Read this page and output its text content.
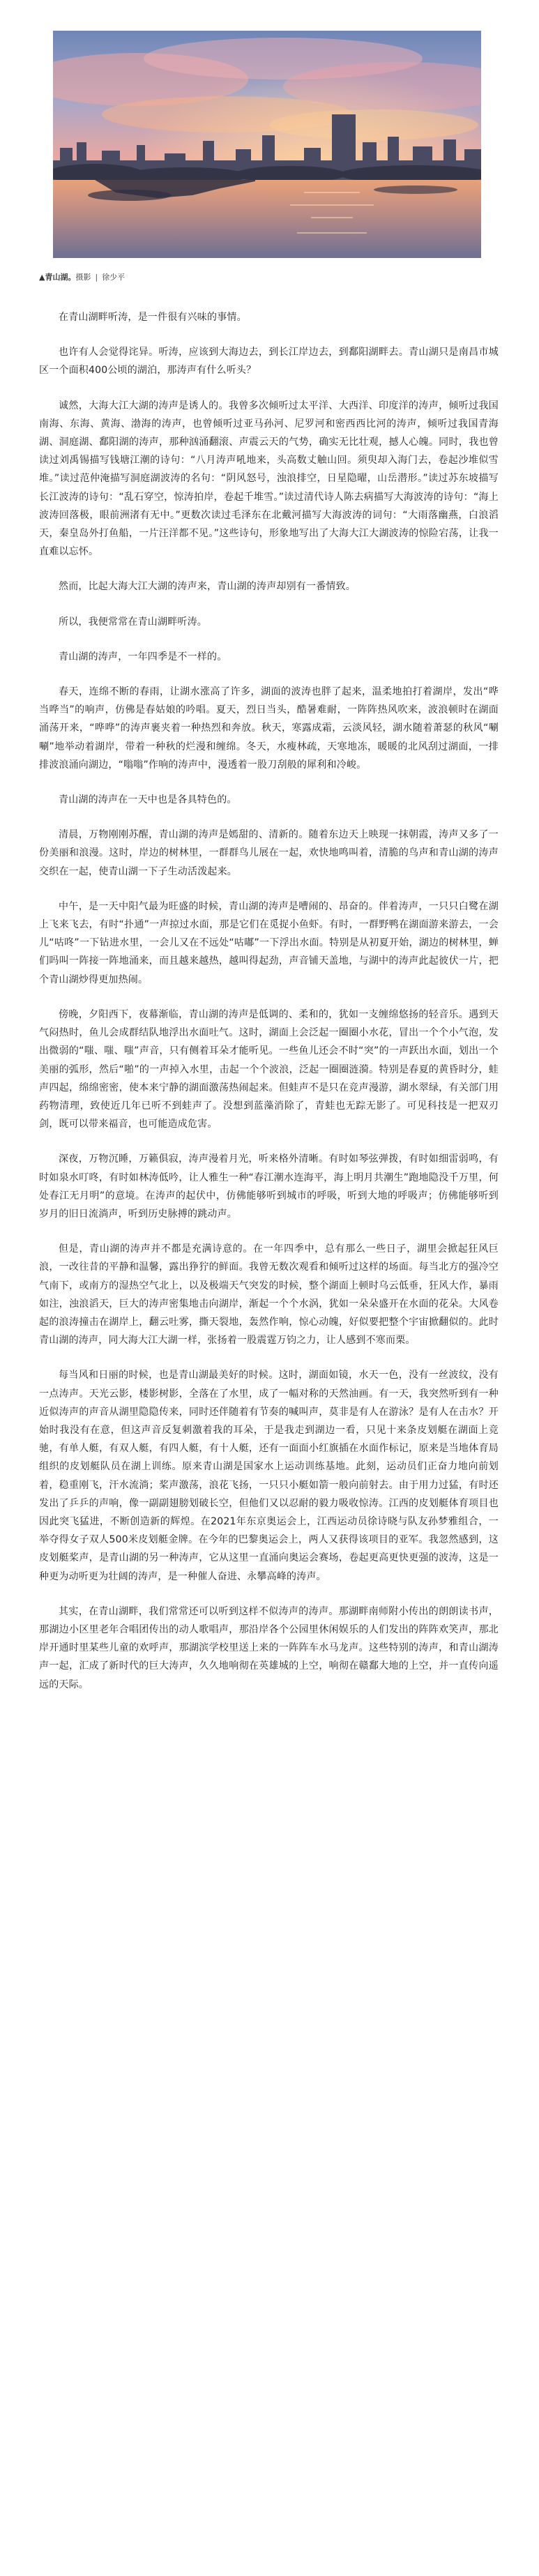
▲青山湖。摄影 | 徐少平

在青山湖畔听涛，是一件很有兴味的事情。

也许有人会觉得诧异。听涛，应该到大海边去，到长江岸边去，到鄱阳湖畔去。青山湖只是南昌市城区一个面积400公顷的湖泊，那涛声有什么听头？

诚然，大海大江大湖的涛声是诱人的。我曾多次倾听过太平洋、大西洋、印度洋的涛声，倾听过我国南海、东海、黄海、渤海的涛声，也曾倾听过亚马孙河、尼罗河和密西西比河的涛声，倾听过我国青海湖、洞庭湖、鄱阳湖的涛声，那种汹涌翻滚、声震云天的气势，确实无比壮观，撼人心魄。同时，我也曾读过刘禹锡描写钱塘江潮的诗句：“八月涛声吼地来，头高数丈触山回。须臾却入海门去，卷起沙堆似雪堆。”读过范仲淹描写洞庭湖波涛的名句：“阴风怒号，浊浪排空，日星隐曜，山岳潜形。”读过苏东坡描写长江波涛的诗句：“乱石穿空，惊涛拍岸，卷起千堆雪。”读过清代诗人陈去病描写大海波涛的诗句：“海上波涛回落极，眼前洲渚有无中。”更数次读过毛泽东在北戴河描写大海波涛的词句：“大雨落幽燕，白浪滔天，秦皇岛外打鱼船，一片汪洋都不见。”这些诗句，形象地写出了大海大江大湖波涛的惊险宕荡，让我一直难以忘怀。

然而，比起大海大江大湖的涛声来，青山湖的涛声却别有一番情致。

所以，我便常常在青山湖畔听涛。

青山湖的涛声，一年四季是不一样的。

春天，连绵不断的春雨，让湖水涨高了许多，湖面的波涛也胖了起来，温柔地拍打着湖岸，发出“哗当哗当”的响声，仿佛是春姑娘的吟唱。夏天，烈日当头，酷暑难耐，一阵阵热风吹来，波浪顿时在湖面涌荡开来，“哗哗”的涛声裹夹着一种热烈和奔放。秋天，寒露成霜，云淡风轻，湖水随着萧瑟的秋风“唰唰”地举动着湖岸，带着一种秋的烂漫和缠绵。冬天，水瘦林疏，天寒地冻，暖暖的北风刮过湖面，一排排波浪涌向湖边，“嗡嗡”作响的涛声中，漫透着一股刀刮般的犀利和冷峻。

青山湖的涛声在一天中也是各具特色的。

清晨，万物刚刚苏醒，青山湖的涛声是嫣甜的、清新的。随着东边天上映现一抹朝霞，涛声又多了一份美丽和浪漫。这时，岸边的树林里，一群群鸟儿展在一起，欢快地鸣叫着，清脆的鸟声和青山湖的涛声交织在一起，使青山湖一下子生动活泼起来。

中午，是一天中阳气最为旺盛的时候，青山湖的涛声是嘈闹的、昂奋的。伴着涛声，一只只白鹭在湖上飞来飞去，有时“扑通”一声掠过水面，那是它们在觅捉小鱼虾。有时，一群野鸭在湖面游来游去，一会儿“咕咚”一下钻进水里，一会儿又在不远处“咕嘟”一下浮出水面。特别是从初夏开始，湖边的树林里，蝉们吗叫一阵接一阵地涌来，而且越来越热，越叫得起劲，声音铺天盖地，与湖中的涛声此起彼伏一片，把个青山湖炒得更加热闹。

傍晚，夕阳西下，夜幕渐临，青山湖的涛声是低调的、柔和的，犹如一支缠绵悠扬的轻音乐。遇到天气闷热时，鱼儿会成群结队地浮出水面吐气。这时，湖面上会泛起一圈圈小水花，冒出一个个小气泡，发出微弱的“嗤、嗤、嗤”声音，只有侧着耳朵才能听见。一些鱼儿还会不时“突”的一声跃出水面，划出一个美丽的弧形，然后“啪”的一声掉入水里，击起一个个波浪，泛起一圈圈涟漪。特别是春夏的黄昏时分，蛙声四起，绵绵密密，使本来宁静的湖面激荡热闹起来。但蛙声不是只在竞声漫游，湖水翠绿，有关部门用药物清理，致使近几年已听不到蛙声了。没想到蓝藻消除了，青蛙也无踪无影了。可见科技是一把双刃剑，既可以带来福音，也可能造成危害。

深夜，万物沉睡，万籁俱寂，涛声漫着月光，听来格外清晰。有时如琴弦弹拨，有时如细雷弱鸣，有时如泉水叮咚，有时如林涛低吟，让人雅生一种“春江潮水连海平，海上明月共潮生”跑地隐没千万里，何处春江无月明”的意境。在涛声的起伏中，仿佛能够听到城市的呼吸，听到大地的呼吸声；仿佛能够听到岁月的旧日流淌声，听到历史脉搏的跳动声。

但是，青山湖的涛声并不都是充满诗意的。在一年四季中，总有那么一些日子，湖里会掀起狂风巨浪，一改往昔的平静和温馨，露出狰狞的鲜面。我曾无数次观看和倾听过这样的场面。每当北方的强冷空气南下，或南方的湿热空气北上，以及极端天气突发的时候，整个湖面上顿时乌云低垂，狂风大作，暴雨如注，浊浪滔天，巨大的涛声密集地击向湖岸，渐起一个个水涡，犹如一朵朵盛开在水面的花朵。大风卷起的浪涛撞击在湖岸上，翻云吐雾，撕天裂地，轰然作响，惊心动魄，好似要把整个宇宙掀翻似的。此时青山湖的涛声，同大海大江大湖一样，张扬着一股震霆万钧之力，让人感到不寒而栗。

每当风和日丽的时候，也是青山湖最美好的时候。这时，湖面如镜，水天一色，没有一丝波纹，没有一点涛声。天光云影，楼影树影，全落在了水里，成了一幅对称的天然油画。有一天，我突然听到有一种近似涛声的声音从湖里隐隐传来，同时还伴随着有节奏的喊叫声，莫非是有人在游泳？是有人在击水？开始时我没有在意，但这声音反复刺激着我的耳朵，于是我走到湖边一看，只见十来条皮划艇在湖面上竞驰，有单人艇，有双人艇，有四人艇，有十人艇，还有一面面小红旗插在水面作标记，原来是当地体育局组织的皮划艇队员在湖上训练。原来青山湖是国家水上运动训练基地。此刻，运动员们正奋力地向前划着，稳重刚飞，汗水流淌；桨声激荡，浪花飞扬，一只只小艇如箭一般向前射去。由于用力过猛，有时还发出了乒乒的声响，像一副副翅膀划破长空，但他们又以忍耐的毅力吸收惊涛。江西的皮划艇体育项目也因此突飞猛进，不断创造新的辉煌。在2021年东京奥运会上，江西运动员徐诗晓与队友孙梦雅组合，一举夺得女子双人500米皮划艇金牌。在今年的巴黎奥运会上，两人又获得该项目的亚军。我忽然感到，这皮划艇桨声，是青山湖的另一种涛声，它从这里一直涌向奥运会赛场，卷起更高更快更强的波涛，这是一种更为动听更为壮阔的涛声，是一种催人奋进、永攀高峰的涛声。

其实，在青山湖畔，我们常常还可以听到这样不似涛声的涛声。那湖畔南师附小传出的朗朗读书声，那湖边小区里老年合唱团传出的动人歌唱声，那沿岸各个公园里休闲娱乐的人们发出的阵阵欢笑声，那北岸开通时里某些儿童的欢呼声，那湖滨学校里送上来的一阵阵车水马龙声。这些特别的涛声，和青山湖涛声一起，汇成了新时代的巨大涛声，久久地响彻在英雄城的上空，响彻在赣鄱大地的上空，并一直传向遥远的天际。
